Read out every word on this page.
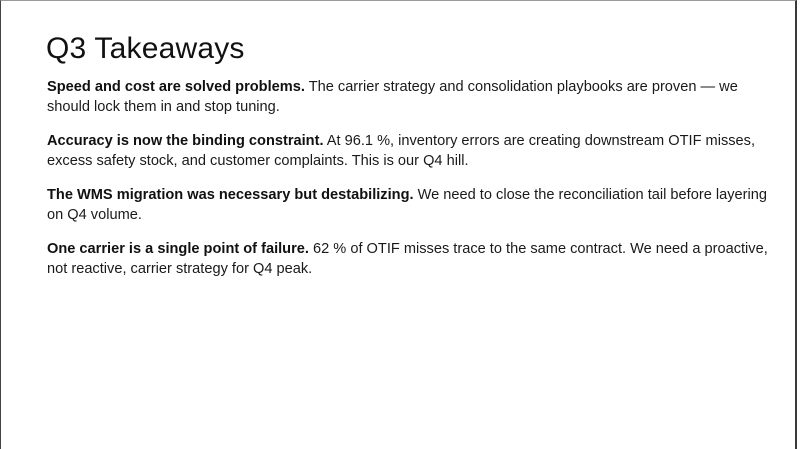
Q3 Takeaways

Speed and cost are solved problems. The carrier strategy and consolidation playbooks are proven — we should lock them in and stop tuning.

Accuracy is now the binding constraint. At 96.1 %, inventory errors are creating downstream OTIF misses, excess safety stock, and customer complaints. This is our Q4 hill.

The WMS migration was necessary but destabilizing. We need to close the reconciliation tail before layering on Q4 volume.

One carrier is a single point of failure. 62 % of OTIF misses trace to the same contract. We need a proactive, not reactive, carrier strategy for Q4 peak.
